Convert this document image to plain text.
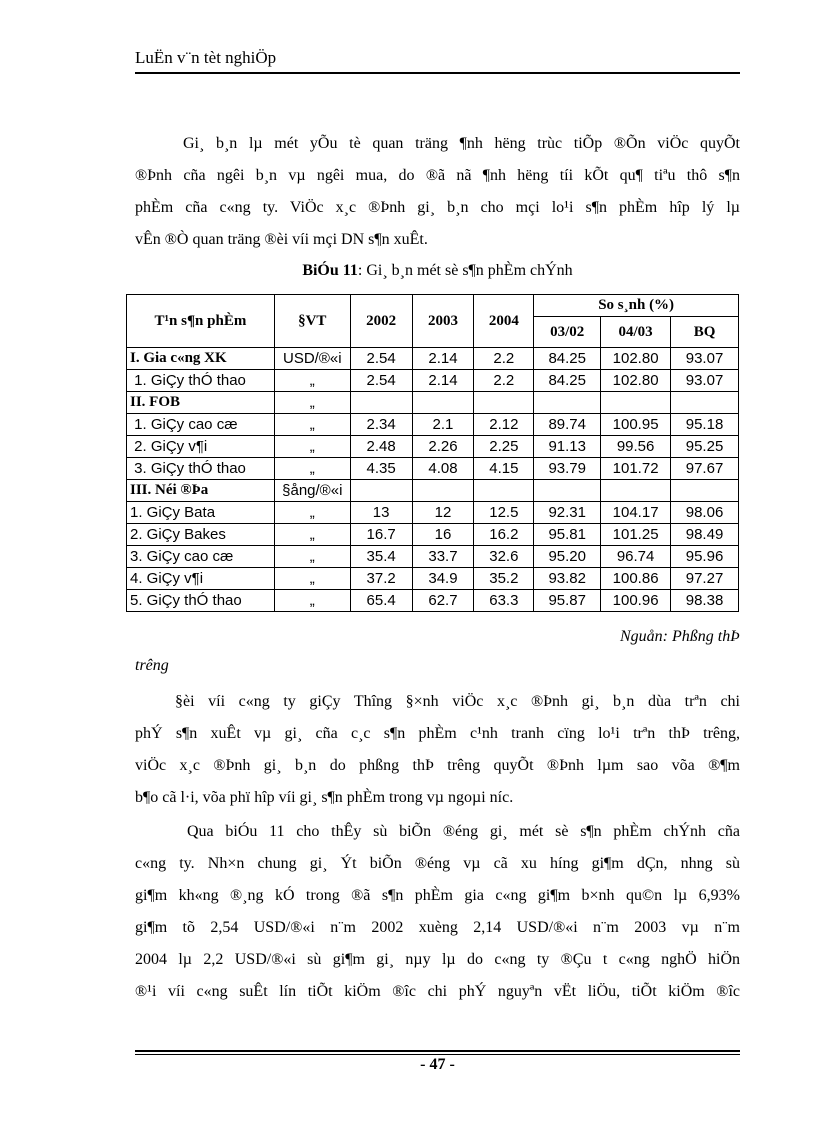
LuËn v¨n tèt nghiÖp
Gi¸ b¸n lµ mét yÕu tè quan träng ¶nh hëng trùc tiÕp ®Õn viÖc quyÕt
®Þnh cña ngêi b¸n vµ ngêi mua, do ®ã nã ¶nh hëng tíi kÕt qu¶ tiªu thô s¶n
phÈm cña c«ng ty. ViÖc x¸c ®Þnh gi¸ b¸n cho mçi lo¹i s¶n phÈm hîp lý lµ
vÊn ®Ò quan träng ®èi víi mçi DN s¶n xuÊt.
BiÓu 11: Gi¸ b¸n mét sè s¶n phÈm chÝnh
T¹n s¶n phÈm	§VT	2002	2003	2004	So s¸nh (%)		
					03/02	04/03	BQ
I. Gia c«ng XK	USD/®«i	2.54	2.14	2.2	84.25	102.80	93.07
1. GiÇy thÓ thao	„	2.54	2.14	2.2	84.25	102.80	93.07
II. FOB	„						
1. GiÇy cao cæ	„	2.34	2.1	2.12	89.74	100.95	95.18
2. GiÇy v¶i	„	2.48	2.26	2.25	91.13	99.56	95.25
3. GiÇy thÓ thao	„	4.35	4.08	4.15	93.79	101.72	97.67
III. Néi ®Þa	§ång/®«i						
1. GiÇy Bata	„	13	12	12.5	92.31	104.17	98.06
2. GiÇy Bakes	„	16.7	16	16.2	95.81	101.25	98.49
3. GiÇy cao cæ	„	35.4	33.7	32.6	95.20	96.74	95.96
4. GiÇy v¶i	„	37.2	34.9	35.2	93.82	100.86	97.27
5. GiÇy thÓ thao	„	65.4	62.7	63.3	95.87	100.96	98.38
Nguån: Phßng thÞ
trêng
§èi víi c«ng ty giÇy Thîng §×nh viÖc x¸c ®Þnh gi¸ b¸n dùa trªn chi
phÝ s¶n xuÊt vµ gi¸ cña c¸c s¶n phÈm c¹nh tranh cïng lo¹i trªn thÞ trêng,
viÖc x¸c ®Þnh gi¸ b¸n do phßng thÞ trêng quyÕt ®Þnh lµm sao võa ®¶m
b¶o cã l·i, võa phï hîp víi gi¸ s¶n phÈm trong vµ ngoµi níc.
Qua biÓu 11 cho thÊy sù biÕn ®éng gi¸ mét sè s¶n phÈm chÝnh cña
c«ng ty. Nh×n chung gi¸ Ýt biÕn ®éng vµ cã xu híng gi¶m dÇn, nhng sù
gi¶m kh«ng ®¸ng kÓ trong ®ã s¶n phÈm gia c«ng gi¶m b×nh qu©n lµ 6,93%
gi¶m tõ 2,54 USD/®«i n¨m 2002 xuèng 2,14 USD/®«i n¨m 2003 vµ n¨m
2004 lµ 2,2 USD/®«i sù gi¶m gi¸ nµy lµ do c«ng ty ®Çu t c«ng nghÖ hiÖn
®¹i víi c«ng suÊt lín tiÕt kiÖm ®îc chi phÝ nguyªn vËt liÖu, tiÕt kiÖm ®îc
- 47 -
